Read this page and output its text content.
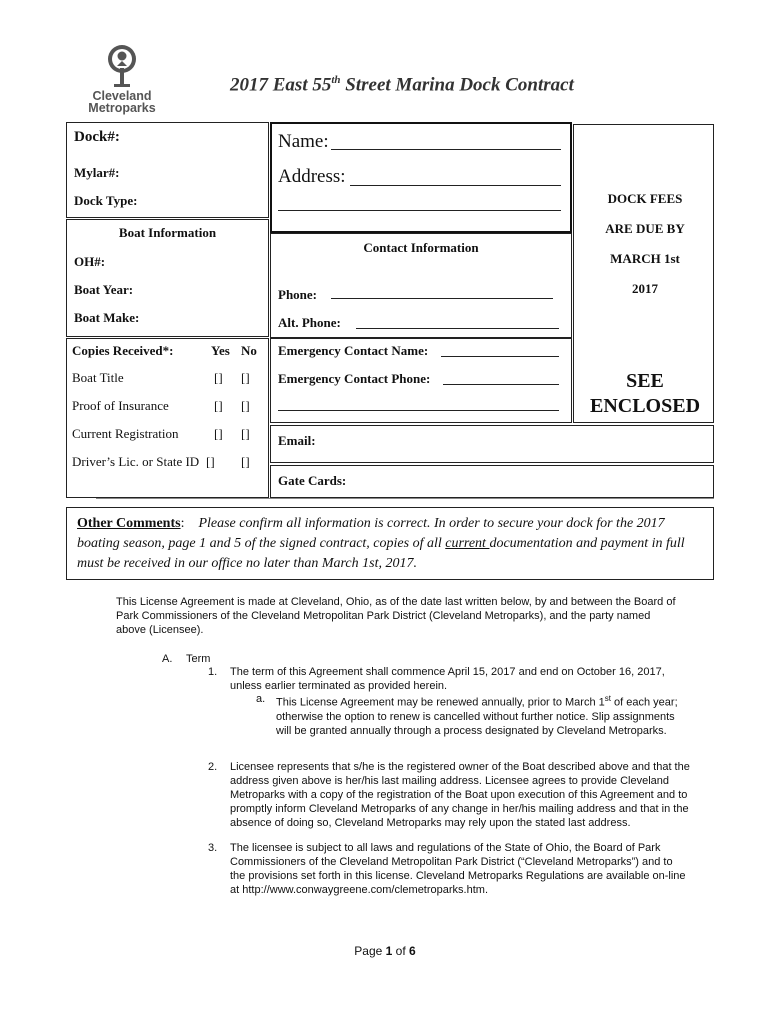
Cleveland
Metroparks
2017 East 55th Street Marina Dock Contract
Dock#:
Mylar#:
Dock Type:
Boat Information
OH#:
Boat Year:
Boat Make:
Copies Received*:	Yes No
Boat Title	[] []
Proof of Insurance	[] []
Current Registration	[] []
Driver’s Lic. or State ID [] []
Name:
Address:
Contact Information
Phone:
Alt. Phone:
Emergency Contact Name:
Emergency Contact Phone:
DOCK FEES
ARE DUE BY
MARCH 1st
2017
SEE
ENCLOSED
Email:
Gate Cards:
Other Comments: Please confirm all information is correct. In order to secure your dock for the 2017 boating season, page 1 and 5 of the signed contract, copies of all current documentation and payment in full must be received in our office no later than March 1st, 2017.
This License Agreement is made at Cleveland, Ohio, as of the date last written below, by and between the Board of Park Commissioners of the Cleveland Metropolitan Park District (Cleveland Metroparks), and the party named above (Licensee).
A. Term
1. The term of this Agreement shall commence April 15, 2017 and end on October 16, 2017, unless earlier terminated as provided herein.
a. This License Agreement may be renewed annually, prior to March 1st of each year; otherwise the option to renew is cancelled without further notice. Slip assignments will be granted annually through a process designated by Cleveland Metroparks.
2. Licensee represents that s/he is the registered owner of the Boat described above and that the address given above is her/his last mailing address. Licensee agrees to provide Cleveland Metroparks with a copy of the registration of the Boat upon execution of this Agreement and to promptly inform Cleveland Metroparks of any change in her/his mailing address and that in the absence of doing so, Cleveland Metroparks may rely upon the stated last address.
3. The licensee is subject to all laws and regulations of the State of Ohio, the Board of Park Commissioners of the Cleveland Metropolitan Park District (“Cleveland Metroparks”) and to the provisions set forth in this license. Cleveland Metroparks Regulations are available on-line at http://www.conwaygreene.com/clemetroparks.htm.
Page 1 of 6
